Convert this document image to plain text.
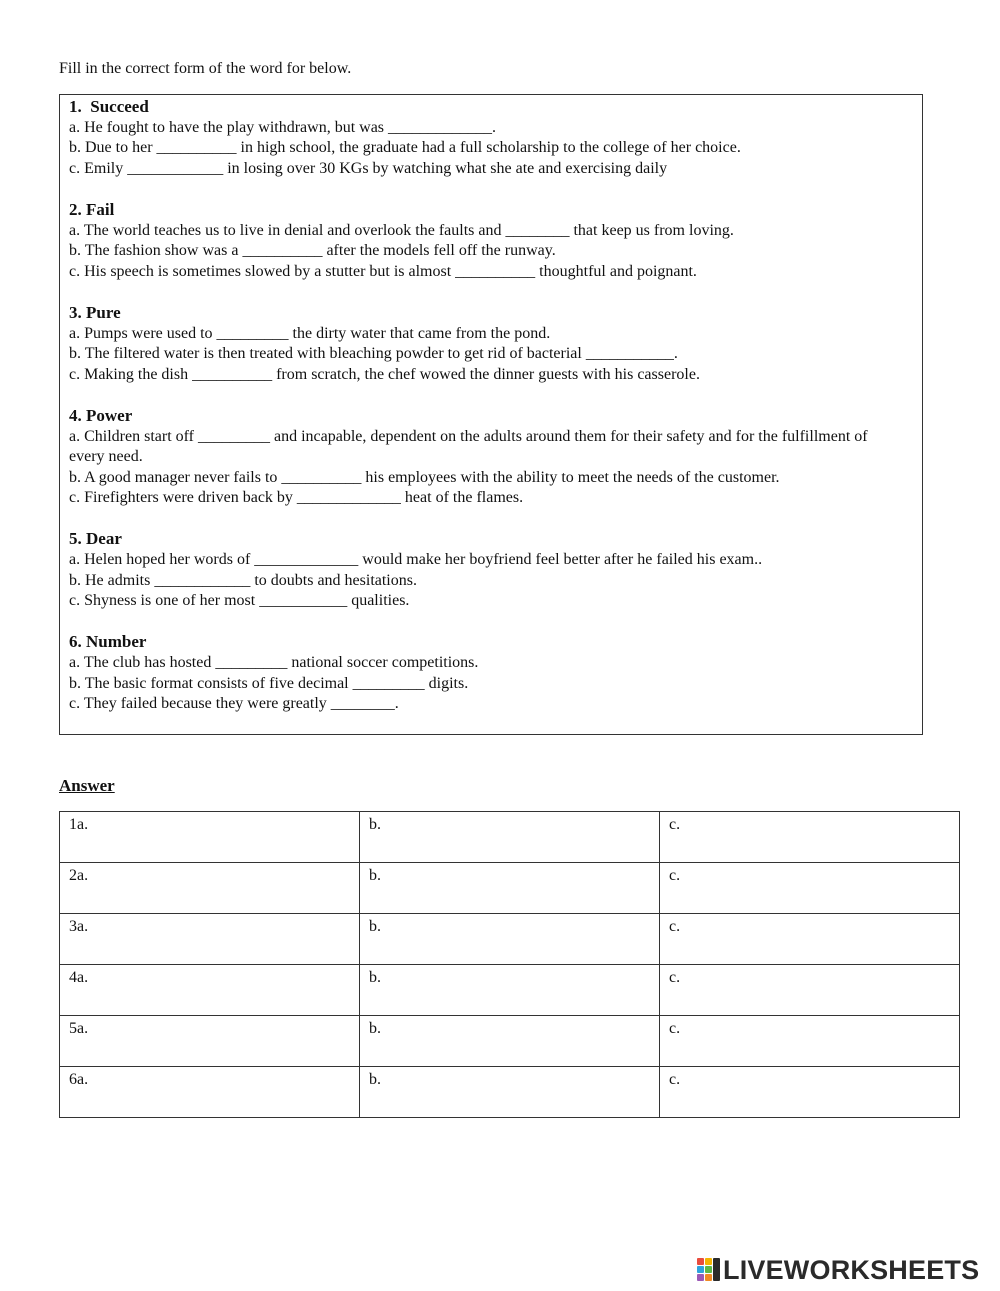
Fill in the correct form of the word for below.
1.  Succeed
a. He fought to have the play withdrawn, but was _____________.
b. Due to her __________ in high school, the graduate had a full scholarship to the college of her choice.
c. Emily ____________ in losing over 30 KGs by watching what she ate and exercising daily
2. Fail
a. The world teaches us to live in denial and overlook the faults and ________ that keep us from loving.
b. The fashion show was a __________ after the models fell off the runway.
c. His speech is sometimes slowed by a stutter but is almost __________ thoughtful and poignant.
3. Pure
a. Pumps were used to _________ the dirty water that came from the pond.
b. The filtered water is then treated with bleaching powder to get rid of bacterial ___________.
c. Making the dish __________ from scratch, the chef wowed the dinner guests with his casserole.
4. Power
a. Children start off _________ and incapable, dependent on the adults around them for their safety and for the fulfillment of every need.
b. A good manager never fails to __________ his employees with the ability to meet the needs of the customer.
c. Firefighters were driven back by _____________ heat of the flames.
5. Dear
a. Helen hoped her words of _____________ would make her boyfriend feel better after he failed his exam..
b. He admits ____________ to doubts and hesitations.
c. Shyness is one of her most ___________ qualities.
6. Number
a. The club has hosted _________ national soccer competitions.
b. The basic format consists of five decimal _________ digits.
c. They failed because they were greatly ________.
Answer
1a.	b.	c.
2a.	b.	c.
3a.	b.	c.
4a.	b.	c.
5a.	b.	c.
6a.	b.	c.
LIVEWORKSHEETS
